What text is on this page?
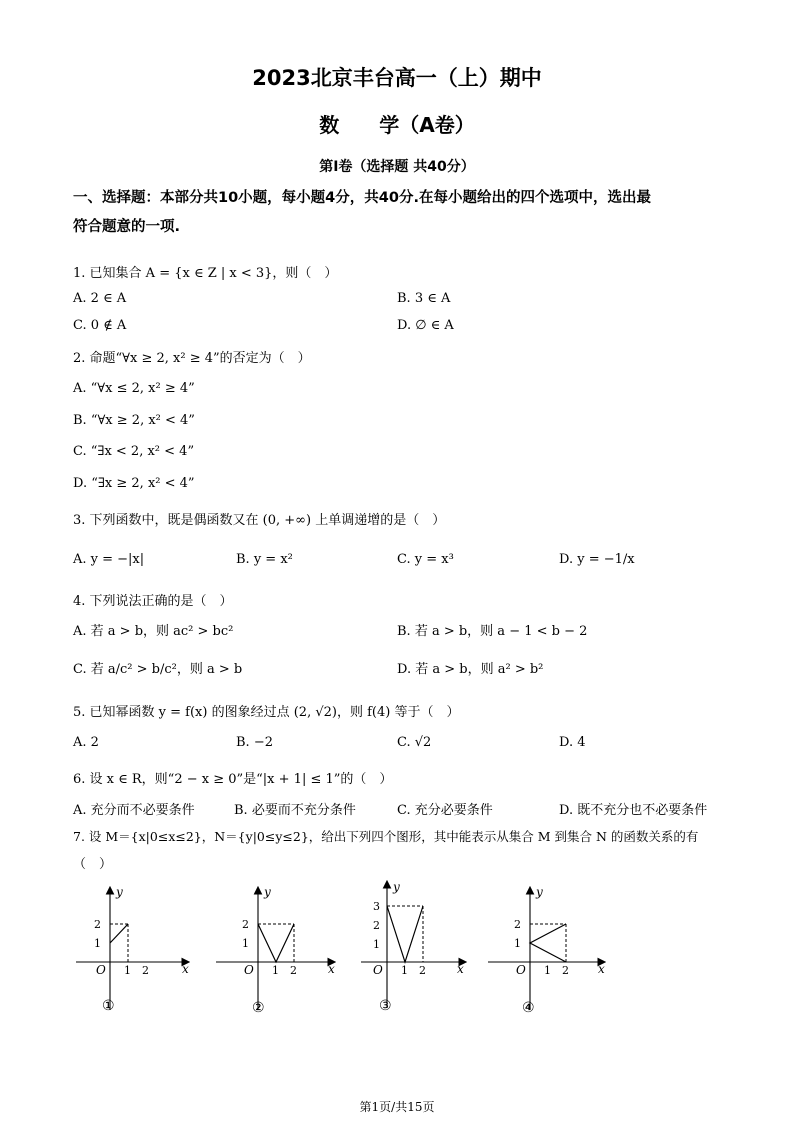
2023北京丰台高一（上）期中
数　　学（A卷）
第I卷（选择题 共40分）
一、选择题：本部分共10小题，每小题4分，共40分.在每小题给出的四个选项中，选出最
符合题意的一项.
1. 已知集合 A = {x ∈ Z | x < 3}，则（　）
A. 2 ∈ A	B. 3 ∈ A
C. 0 ∉ A	D. ∅ ∈ A
2. 命题“∀x ≥ 2, x² ≥ 4”的否定为（　）
A. “∀x ≤ 2, x² ≥ 4”
B. “∀x ≥ 2, x² < 4”
C. “∃x < 2, x² < 4”
D. “∃x ≥ 2, x² < 4”
3. 下列函数中，既是偶函数又在 (0, +∞) 上单调递增的是（　）
A. y = −|x|	B. y = x²	C. y = x³	D. y = −1/x
4. 下列说法正确的是（　）
A. 若 a > b，则 ac² > bc²	B. 若 a > b，则 a − 1 < b − 2
C. 若 a/c² > b/c²，则 a > b	D. 若 a > b，则 a² > b²
5. 已知幂函数 y = f(x) 的图象经过点 (2, √2)，则 f(4) 等于（　）
A. 2	B. −2	C. √2	D. 4
6. 设 x ∈ R，则“2 − x ≥ 0”是“|x + 1| ≤ 1”的（　）
A. 充分而不必要条件	B. 必要而不充分条件	C. 充分必要条件	D. 既不充分也不必要条件
7. 设 M＝{x|0≤x≤2}，N＝{y|0≤y≤2}，给出下列四个图形，其中能表示从集合 M 到集合 N 的函数关系的有
（　）
y
x
O
2
1
1 2
①
y
x
O
2
1
1 2
②
y
x
O
3
2
1
1 2
③
y
x
O
2
1
1 2
④
第1页/共15页
